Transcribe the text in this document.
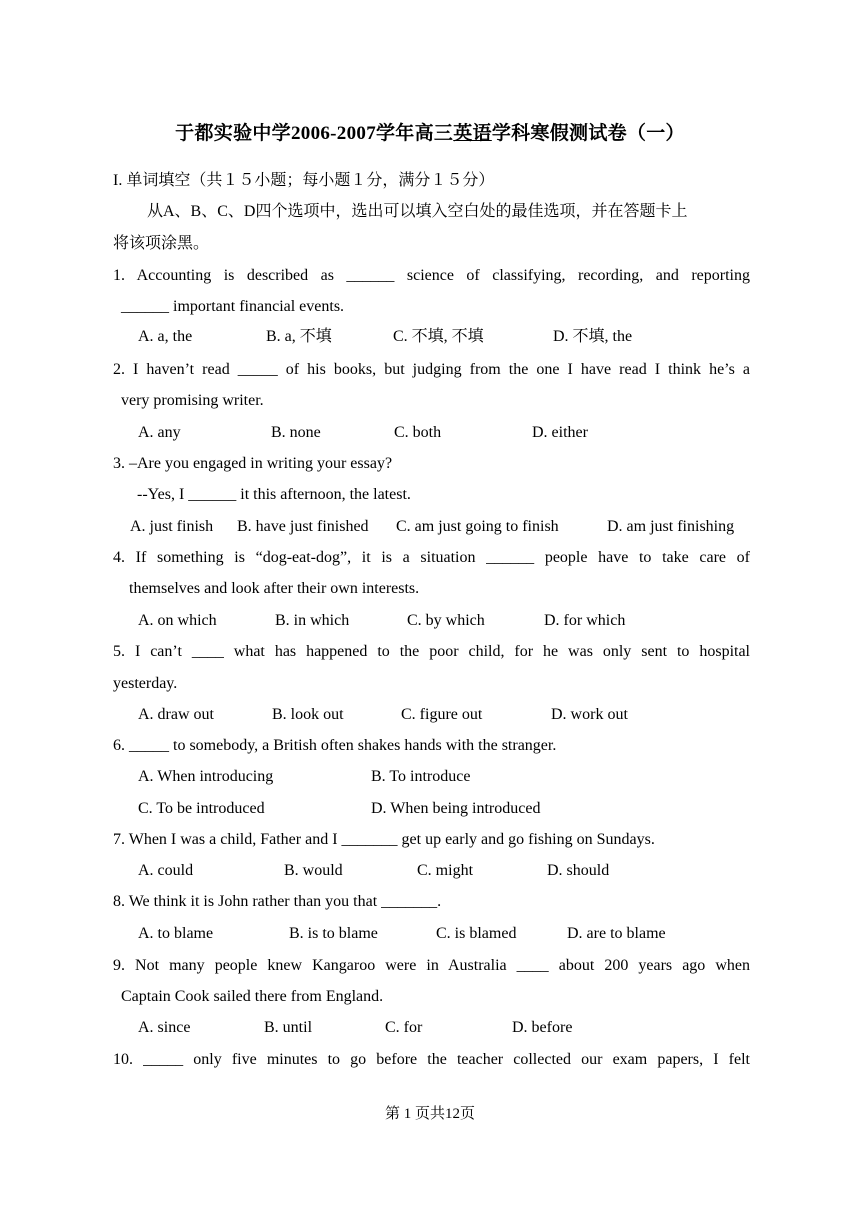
于都实验中学2006-2007学年高三英语学科寒假测试卷（一）
I. 单词填空（共１５小题；每小题１分，满分１５分）
从A、B、C、D四个选项中，选出可以填入空白处的最佳选项，并在答题卡上
将该项涂黑。
1. Accounting is described as ______ science of classifying, recording, and reporting
______ important financial events.
A. a, the	B. a, 不填	C. 不填, 不填	D. 不填, the
2. I haven’t read _____ of his books, but judging from the one I have read I think he’s a
very promising writer.
A. any	B. none	C. both	D. either
3. –Are you engaged in writing your essay?
--Yes, I ______ it this afternoon, the latest.
A. just finish B. have just finished C. am just going to finish	D. am just finishing
4. If something is “dog-eat-dog”, it is a situation ______ people have to take care of
themselves and look after their own interests.
A. on which	B. in which	C. by which	D. for which
5. I can’t ____ what has happened to the poor child, for he was only sent to hospital
yesterday.
A. draw out	B. look out	C. figure out	D. work out
6. _____ to somebody, a British often shakes hands with the stranger.
A. When introducing	B. To introduce
C. To be introduced	D. When being introduced
7. When I was a child, Father and I _______ get up early and go fishing on Sundays.
A. could	B. would	C. might	D. should
8. We think it is John rather than you that _______.
A. to blame	B. is to blame	C. is blamed	D. are to blame
9. Not many people knew Kangaroo were in Australia ____ about 200 years ago when
Captain Cook sailed there from England.
A. since	B. until	C. for	D. before
10. _____ only five minutes to go before the teacher collected our exam papers, I felt
第 1 页共12页
